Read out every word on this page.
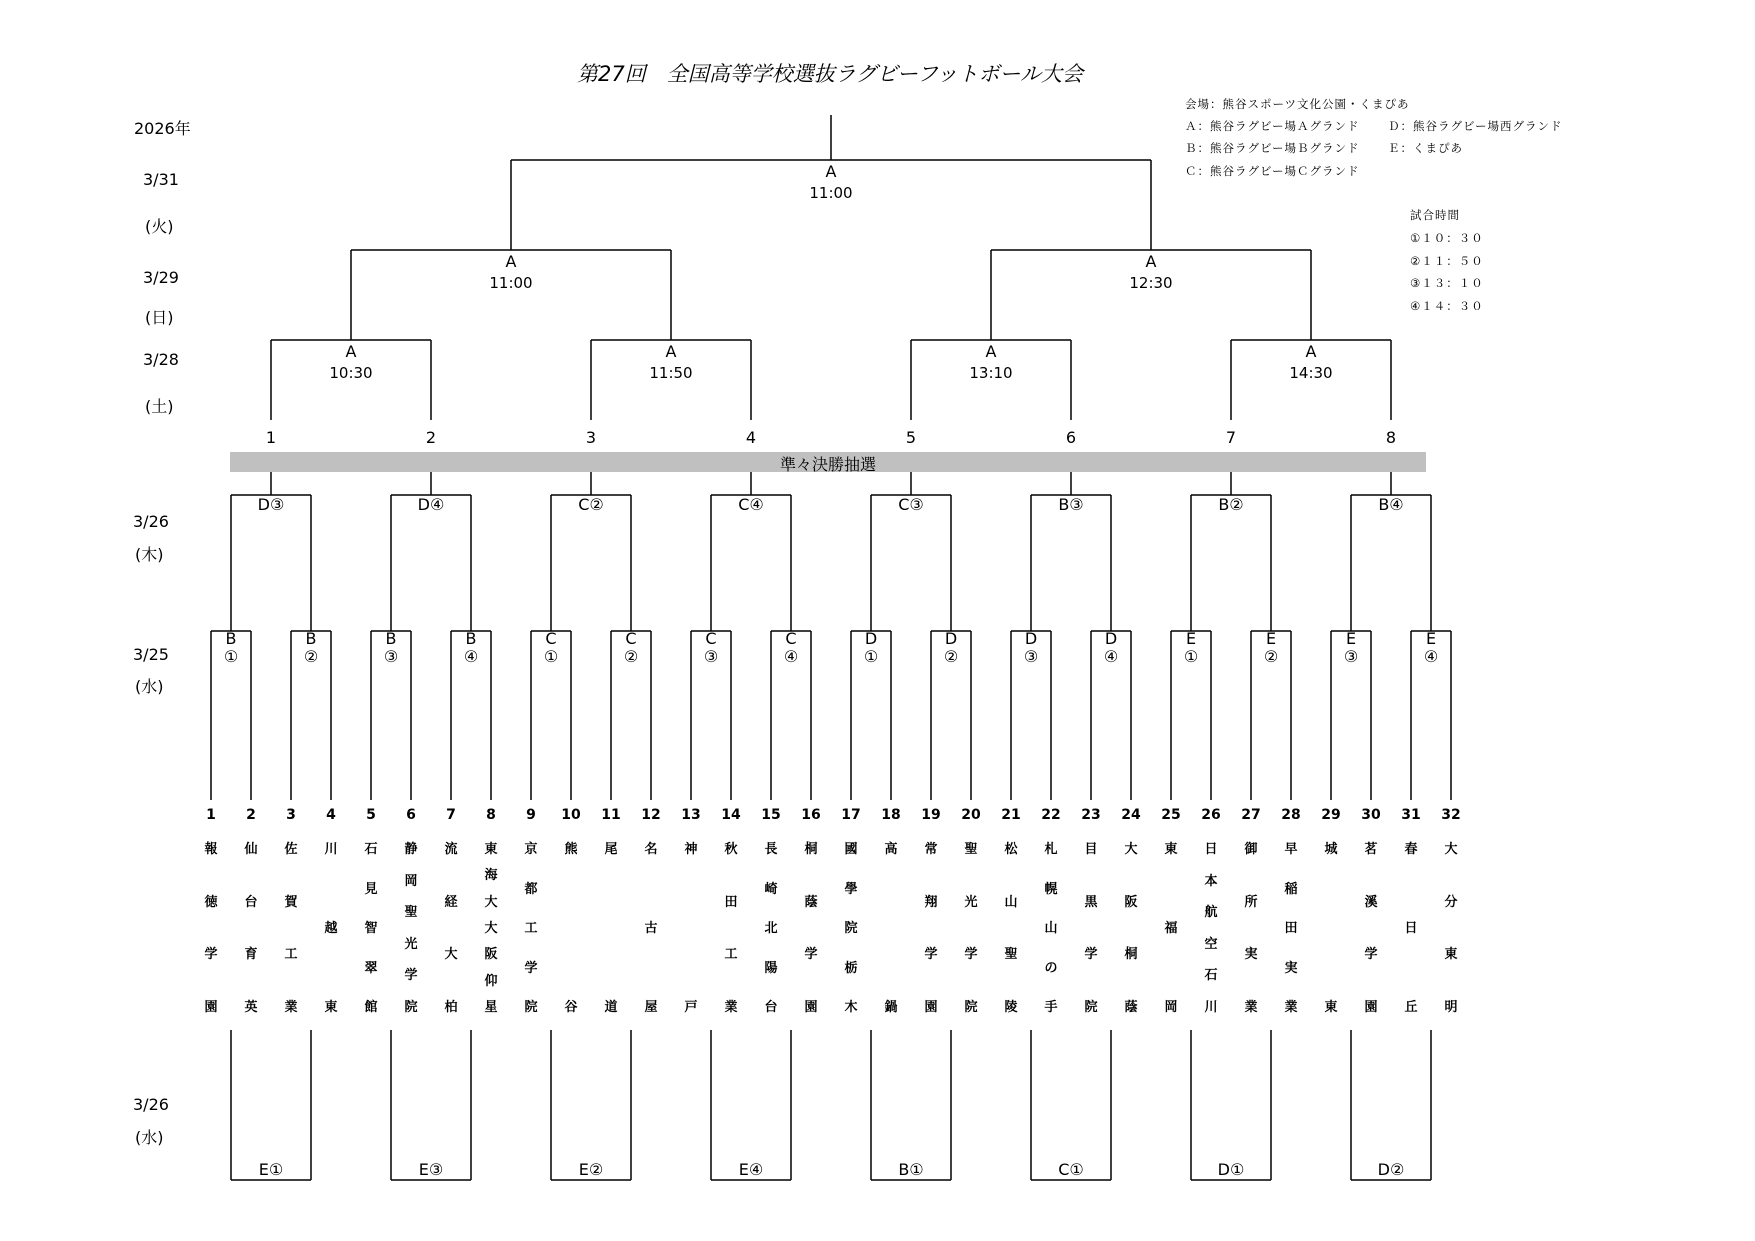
第27回　全国高等学校選抜ラグビーフットボール大会
2026年
3/31
(火)
3/29
(日)
3/28
(土)
3/26
(木)
3/25
(水)
3/26
(水)
会場：熊谷スポーツ文化公園・くまぴあ
Ａ：熊谷ラグビー場Ａグランド
Ｂ：熊谷ラグビー場Ｂグランド
Ｃ：熊谷ラグビー場Ｃグランド
Ｄ：熊谷ラグビー場西グランド
Ｅ：くまぴあ
試合時間
①１０：３０
②１１：５０
③１３：１０
④１４：３０
準々決勝抽選
A
11:00
A
11:00
A
12:30
A
10:30
A
11:50
A
13:10
A
14:30
1	2	3	4	5	6	7	8
D③	D④	C②	C④	C③	B③	B②	B④
B
①
B
②
B
③
B
④
C
①
C
②
C
③
C
④
D
①
D
②
D
③
D
④
E
①
E
②
E
③
E
④
1
報
徳
学
園
2
仙
台
育
英
3
佐
賀
工
業
4
川
越
東
5
石
見
智
翠
館
6
静
岡
聖
光
学
院
7
流
経
大
柏
8
東
海
大
大
阪
仰
星
9
京
都
工
学
院
10
熊
谷
11
尾
道
12
名
古
屋
13
神
戸
14
秋
田
工
業
15
長
崎
北
陽
台
16
桐
蔭
学
園
17
國
學
院
栃
木
18
高
鍋
19
常
翔
学
園
20
聖
光
学
院
21
松
山
聖
陵
22
札
幌
山
の
手
23
目
黒
学
院
24
大
阪
桐
蔭
25
東
福
岡
26
日
本
航
空
石
川
27
御
所
実
業
28
早
稲
田
実
業
29
城
東
30
茗
溪
学
園
31
春
日
丘
32
大
分
東
明
E①	E③	E②	E④	B①	C①	D①	D②
